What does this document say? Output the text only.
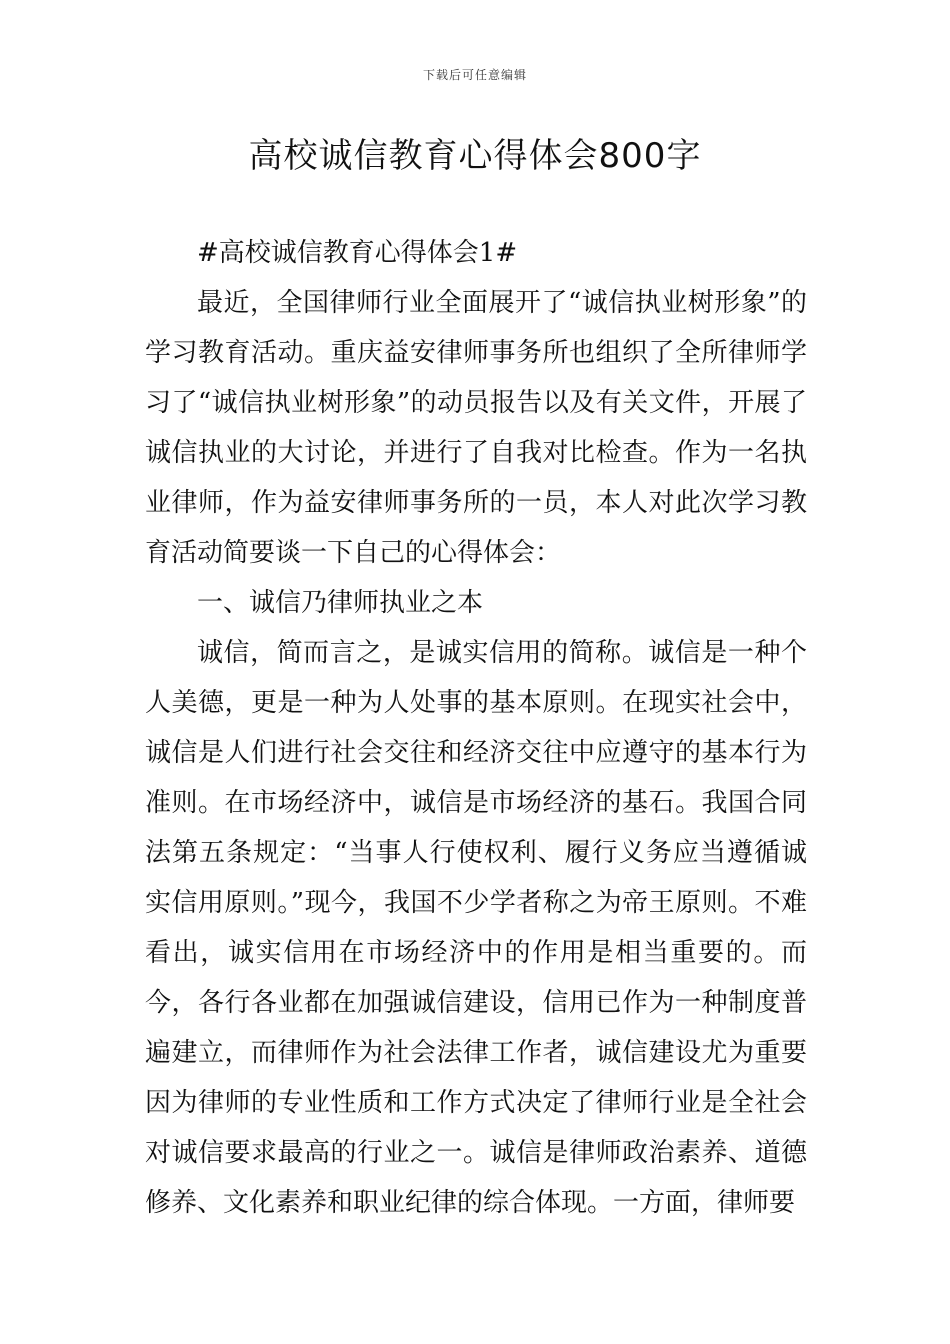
下载后可任意编辑
高校诚信教育心得体会800字

#高校诚信教育心得体会1#

最近，全国律师行业全面展开了“诚信执业树形象”的学习教育活动。重庆益安律师事务所也组织了全所律师学习了“诚信执业树形象”的动员报告以及有关文件，开展了诚信执业的大讨论，并进行了自我对比检查。作为一名执业律师，作为益安律师事务所的一员，本人对此次学习教育活动简要谈一下自己的心得体会：

一、诚信乃律师执业之本

诚信，简而言之，是诚实信用的简称。诚信是一种个人美德，更是一种为人处事的基本原则。在现实社会中，诚信是人们进行社会交往和经济交往中应遵守的基本行为准则。在市场经济中，诚信是市场经济的基石。我国合同法第五条规定：“当事人行使权利、履行义务应当遵循诚实信用原则。”现今，我国不少学者称之为帝王原则。不难看出，诚实信用在市场经济中的作用是相当重要的。而今，各行各业都在加强诚信建设，信用已作为一种制度普遍建立，而律师作为社会法律工作者，诚信建设尤为重要因为律师的专业性质和工作方式决定了律师行业是全社会对诚信要求最高的行业之一。诚信是律师政治素养、道德修养、文化素养和职业纪律的综合体现。一方面，律师要
